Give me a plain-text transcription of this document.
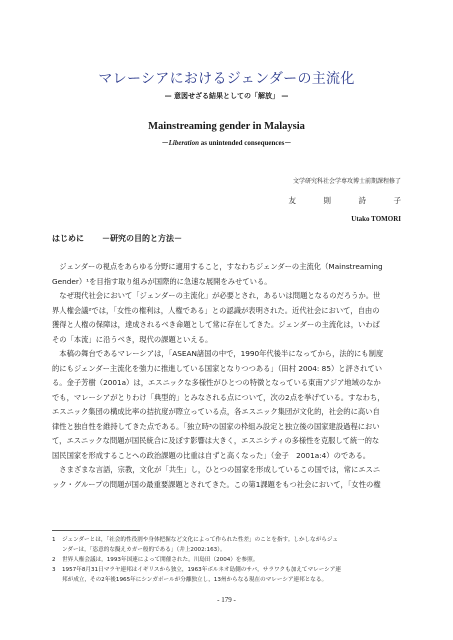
マレーシアにおけるジェンダーの主流化
— 意図せざる結果としての「解放」 —
Mainstreaming gender in Malaysia
－Liberation as unintended consequences－
文学研究科社会学専攻博士前期課程修了
友　則　詩　子
Utako TOMORI
はじめに －研究の目的と方法－
　ジェンダーの視点をあらゆる分野に適用すること，すなわちジェンダーの主流化（Mainstreaming
Gender）¹を目指す取り組みが国際的に急速な展開をみせている。
　なぜ現代社会において「ジェンダーの主流化」が必要とされ，あるいは問題となるのだろうか。世
界人権会議²では，「女性の権利は，人権である」との認識が表明された。近代社会において，自由の
獲得と人権の保障は，達成されるべき命題として常に存在してきた。ジェンダーの主流化は，いわば
その「本流」に沿うべき，現代の課題といえる。
　本稿の舞台であるマレーシアは，「ASEAN諸国の中で，1990年代後半になってから，法的にも制度
的にもジェンダー主流化を強力に推進している国家となりつつある」（田村 2004: 85）と評されてい
る。金子芳樹（2001a）は，エスニックな多様性がひとつの特徴となっている東南アジア地域のなか
でも，マレーシアがとりわけ「典型的」とみなされる点について，次の2点を挙げている。すなわち，
エスニック集団の構成比率の拮抗度が際立っている点，各エスニック集団が文化的，社会的に高い自
律性と独自性を維持してきた点である。「独立時³の国家の枠組み設定と独立後の国家建設過程におい
て，エスニックな問題が国民統合に及ぼす影響は大きく，エスニシティの多様性を克服して統一的な
国民国家を形成することへの政治課題の比重は自ずと高くなった」（金子　2001a:4）のである。
　さまざまな言語，宗教，文化が「共生」し，ひとつの国家を形成しているこの国では，常にエスニ
ック・グループの問題が国の最重要課題とされてきた。この第1課題をもつ社会において，「女性の権
1 ジェンダーとは，「社会的性役割や身体把握など文化によって作られた性差」のことを指す。しかしながらジェ
ンダーは，「恣意的な擬えカガー般的である」（井上2002:163）。
2 世界人権会議は，1993年国連によって開催された。川島田（2004）を参照。
3 1957年8月31日マラヤ連邦はイギリスから独立，1963年ボルネオ島側のサバ，サラワクも加えてマレーシア連
邦が成立，その2年後1965年にシンガポールが分離独立し，13州からなる現在のマレーシア連邦となる。
- 179 -
